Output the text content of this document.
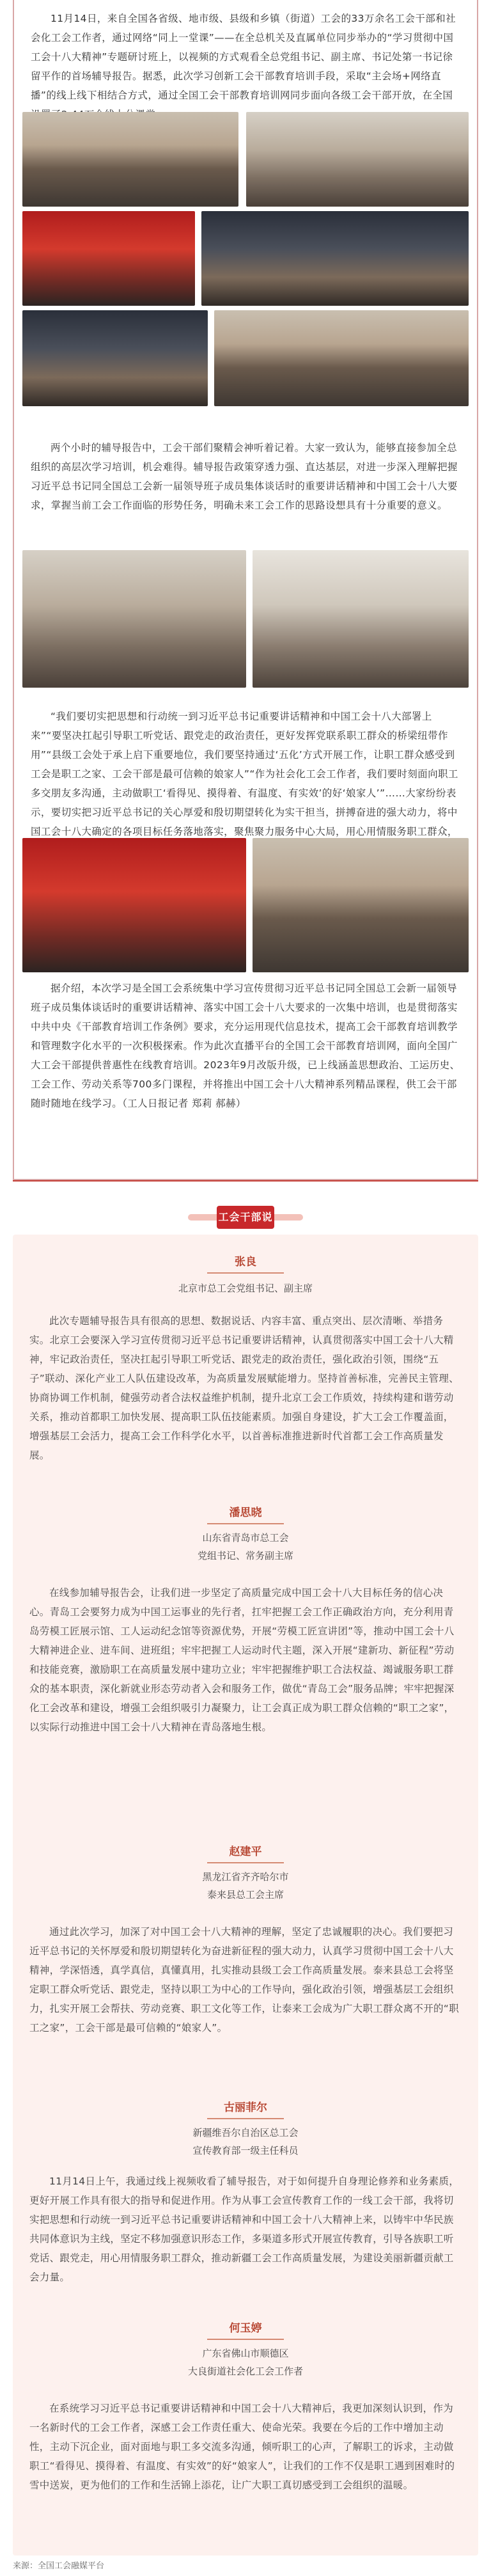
11月14日，来自全国各省级、地市级、县级和乡镇（街道）工会的33万余名工会干部和社会化工会工作者，通过网络“同上一堂课”——在全总机关及直属单位同步举办的“学习贯彻中国工会十八大精神”专题研讨班上，以视频的方式观看全总党组书记、副主席、书记处第一书记徐留平作的首场辅导报告。据悉，此次学习创新工会干部教育培训手段，采取“主会场+网络直播”的线上线下相结合方式，通过全国工会干部教育培训网同步面向各级工会干部开放，在全国

两个小时的辅导报告中，工会干部们聚精会神听着记着。大家一致认为，能够直接参加全总组织的高层次学习培训，机会难得。辅导报告政策穿透力强、直达基层，对进一步深入理解把握习近平总书记同全国总工会新一届领导班子成员集体谈话时的重要讲话精神和中国工会十八大要求，掌握当前工会工作面临的形势任务，明确未来工会工作的思路设想具有十分重要的意义。

“我们要切实把思想和行动统一到习近平总书记重要讲话精神和中国工会十八大部署上来”“要坚决扛起引导职工听党话、跟党走的政治责任，更好发挥党联系职工群众的桥梁纽带作用”“县级工会处于承上启下重要地位，我们要坚持通过‘五化’方式开展工作，让职工群众感受到工会是职工之家、工会干部是最可信赖的娘家人”“作为社会化工会工作者，我们要时刻面向职工多交朋友多沟通，主动做职工‘看得见、摸得着、有温度、有实效’的好‘娘家人’”……大家纷纷表示，要切实把习近平总书记的关心厚爱和殷切期望转化为实干担当，拼搏奋进的强大动力，将中国工会十八大确定的各项目标任务落地落实，聚焦聚力服务中心大局，用心用情服务职工群众，

据介绍，本次学习是全国工会系统集中学习宣传贯彻习近平总书记同全国总工会新一届领导班子成员集体谈话时的重要讲话精神、落实中国工会十八大要求的一次集中培训，也是贯彻落实中共中央《干部教育培训工作条例》要求，充分运用现代信息技术，提高工会干部教育培训教学和管理数字化水平的一次积极探索。作为此次直播平台的全国工会干部教育培训网，面向全国广大工会干部提供普惠性在线教育培训。2023年9月改版升级，已上线涵盖思想政治、工运历史、工会工作、劳动关系等700多门课程，并将推出中国工会十八大精神系列精品课程，供工会干部随时随地在线学习。（工人日报记者 郑莉 郝赫）

工会干部说
张良
北京市总工会党组书记、副主席
此次专题辅导报告具有很高的思想、数据说话、内容丰富、重点突出、层次清晰、举措务实。北京工会要深入学习宣传贯彻习近平总书记重要讲话精神，认真贯彻落实中国工会十八大精神，牢记政治责任，坚决扛起引导职工听党话、跟党走的政治责任，强化政治引领，围绕“五子”联动、深化产业工人队伍建设改革，为高质量发展赋能增力。坚持首善标准，完善民主管理、协商协调工作机制，健强劳动者合法权益维护机制，提升北京工会工作质效，持续构建和谐劳动关系，推动首都职工加快发展、提高职工队伍技能素质。加强自身建设，扩大工会工作覆盖面，增强基层工会活力，提高工会工作科学化水平，以首善标准推进新时代首都工会工作高质量发展。
潘思晓
山东省青岛市总工会
党组书记、常务副主席
在线参加辅导报告会，让我们进一步坚定了高质量完成中国工会十八大目标任务的信心决心。青岛工会要努力成为中国工运事业的先行者，扛牢把握工会工作正确政治方向，充分利用青岛劳模工匠展示馆、工人运动纪念馆等资源优势，开展“劳模工匠宣讲团”等，推动中国工会十八大精神进企业、进车间、进班组；牢牢把握工人运动时代主题，深入开展“建新功、新征程”劳动和技能竞赛，激励职工在高质量发展中建功立业；牢牢把握维护职工合法权益、竭诚服务职工群众的基本职责，深化新就业形态劳动者入会和服务工作，做优“青岛工会”服务品牌；牢牢把握深化工会改革和建设，增强工会组织吸引力凝聚力，让工会真正成为职工群众信赖的“职工之家”，以实际行动推进中国工会十八大精神在青岛落地生根。
赵建平
黑龙江省齐齐哈尔市
泰来县总工会主席
通过此次学习，加深了对中国工会十八大精神的理解，坚定了忠诚履职的决心。我们要把习近平总书记的关怀厚爱和殷切期望转化为奋进新征程的强大动力，认真学习贯彻中国工会十八大精神，学深悟透，真学真信，真懂真用，扎实推动县级工会工作高质量发展。泰来县总工会将坚定职工群众听党话、跟党走，坚持以职工为中心的工作导向，强化政治引领，增强基层工会组织力，扎实开展工会帮扶、劳动竞赛、职工文化等工作，让泰来工会成为广大职工群众离不开的“职工之家”，工会干部是最可信赖的“娘家人”。
古丽菲尔
新疆维吾尔自治区总工会
宣传教育部一级主任科员
11月14日上午，我通过线上视频收看了辅导报告，对于如何提升自身理论修养和业务素质，更好开展工作具有很大的指导和促进作用。作为从事工会宣传教育工作的一线工会干部，我将切实把思想和行动统一到习近平总书记重要讲话精神和中国工会十八大精神上来，以铸牢中华民族共同体意识为主线，坚定不移加强意识形态工作，多渠道多形式开展宣传教育，引导各族职工听党话、跟党走，用心用情服务职工群众，推动新疆工会工作高质量发展，为建设美丽新疆贡献工会力量。
何玉婷
广东省佛山市顺德区
大良街道社会化工会工作者
在系统学习习近平总书记重要讲话精神和中国工会十八大精神后，我更加深刻认识到，作为一名新时代的工会工作者，深感工会工作责任重大、使命光荣。我要在今后的工作中增加主动性，主动下沉企业，面对面地与职工多交流多沟通，倾听职工的心声，了解职工的诉求，主动做职工“看得见、摸得着、有温度、有实效”的好“娘家人”，让我们的工作不仅是职工遇到困难时的雪中送炭，更为他们的工作和生活锦上添花，让广大职工真切感受到工会组织的温暖。
来源：全国工会融媒平台
